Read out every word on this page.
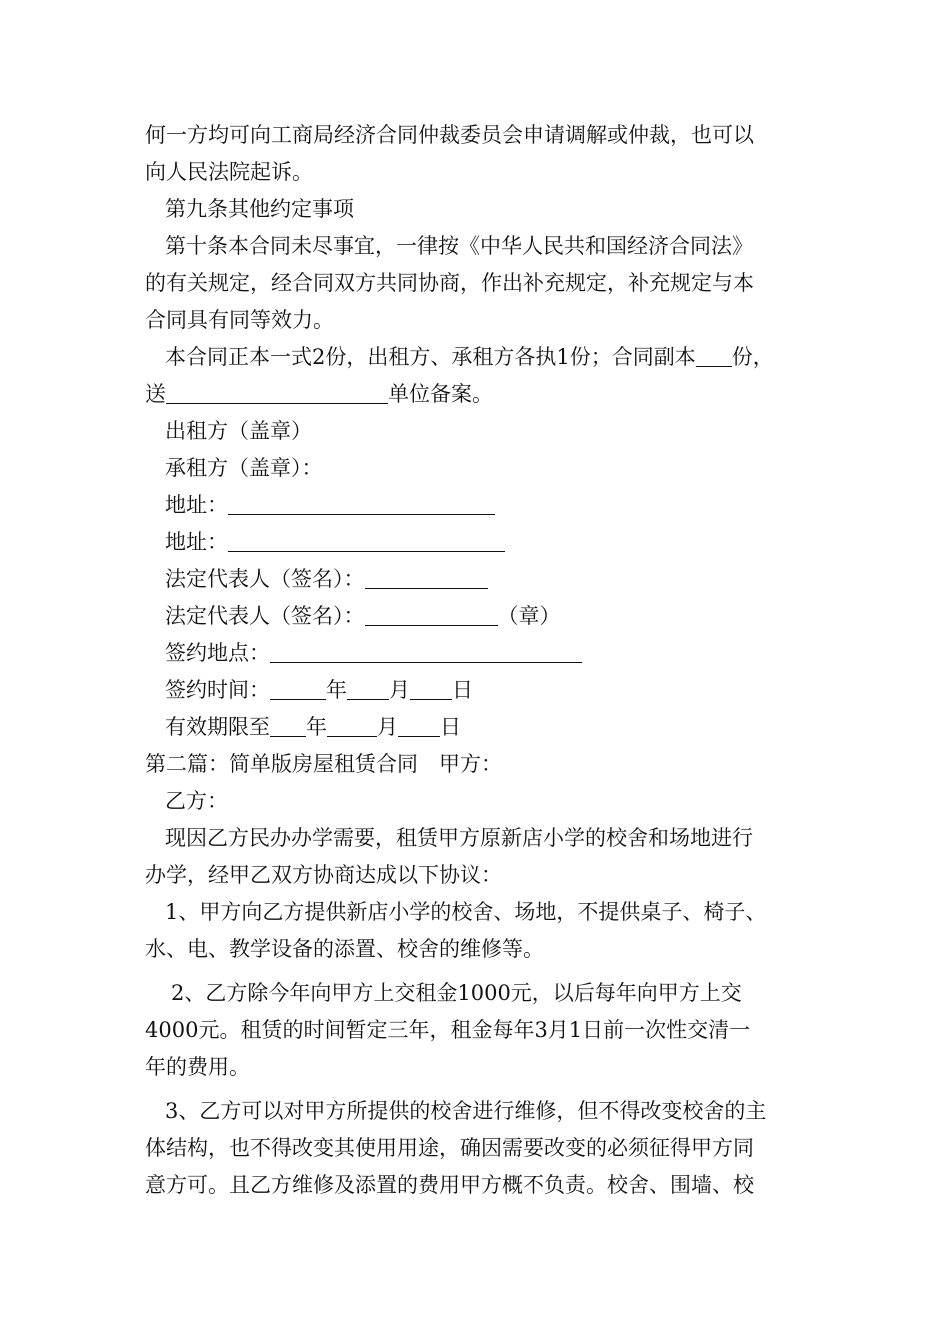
何一方均可向工商局经济合同仲裁委员会申请调解或仲裁，也可以
向人民法院起诉。
第九条其他约定事项
第十条本合同未尽事宜，一律按《中华人民共和国经济合同法》
的有关规定，经合同双方共同协商，作出补充规定，补充规定与本
合同具有同等效力。
本合同正本一式2份，出租方、承租方各执1份；合同副本 份，
送	单位备案。
出租方（盖章）
承租方（盖章）：
地址：
地址：
法定代表人（签名）：
法定代表人（签名）：	（章）
签约地点：
签约时间：	年 月 日
有效期限至 年 月 日
第二篇：简单版房屋租赁合同　甲方：
乙方：
现因乙方民办办学需要，租赁甲方原新店小学的校舍和场地进行
办学，经甲乙双方协商达成以下协议：
1、甲方向乙方提供新店小学的校舍、场地，不提供桌子、椅子、
水、电、教学设备的添置、校舍的维修等。
2、乙方除今年向甲方上交租金1000元，以后每年向甲方上交
4000元。租赁的时间暂定三年，租金每年3月1日前一次性交清一
年的费用。
3、乙方可以对甲方所提供的校舍进行维修，但不得改变校舍的主
体结构，也不得改变其使用用途，确因需要改变的必须征得甲方同
意方可。且乙方维修及添置的费用甲方概不负责。校舍、围墙、校
